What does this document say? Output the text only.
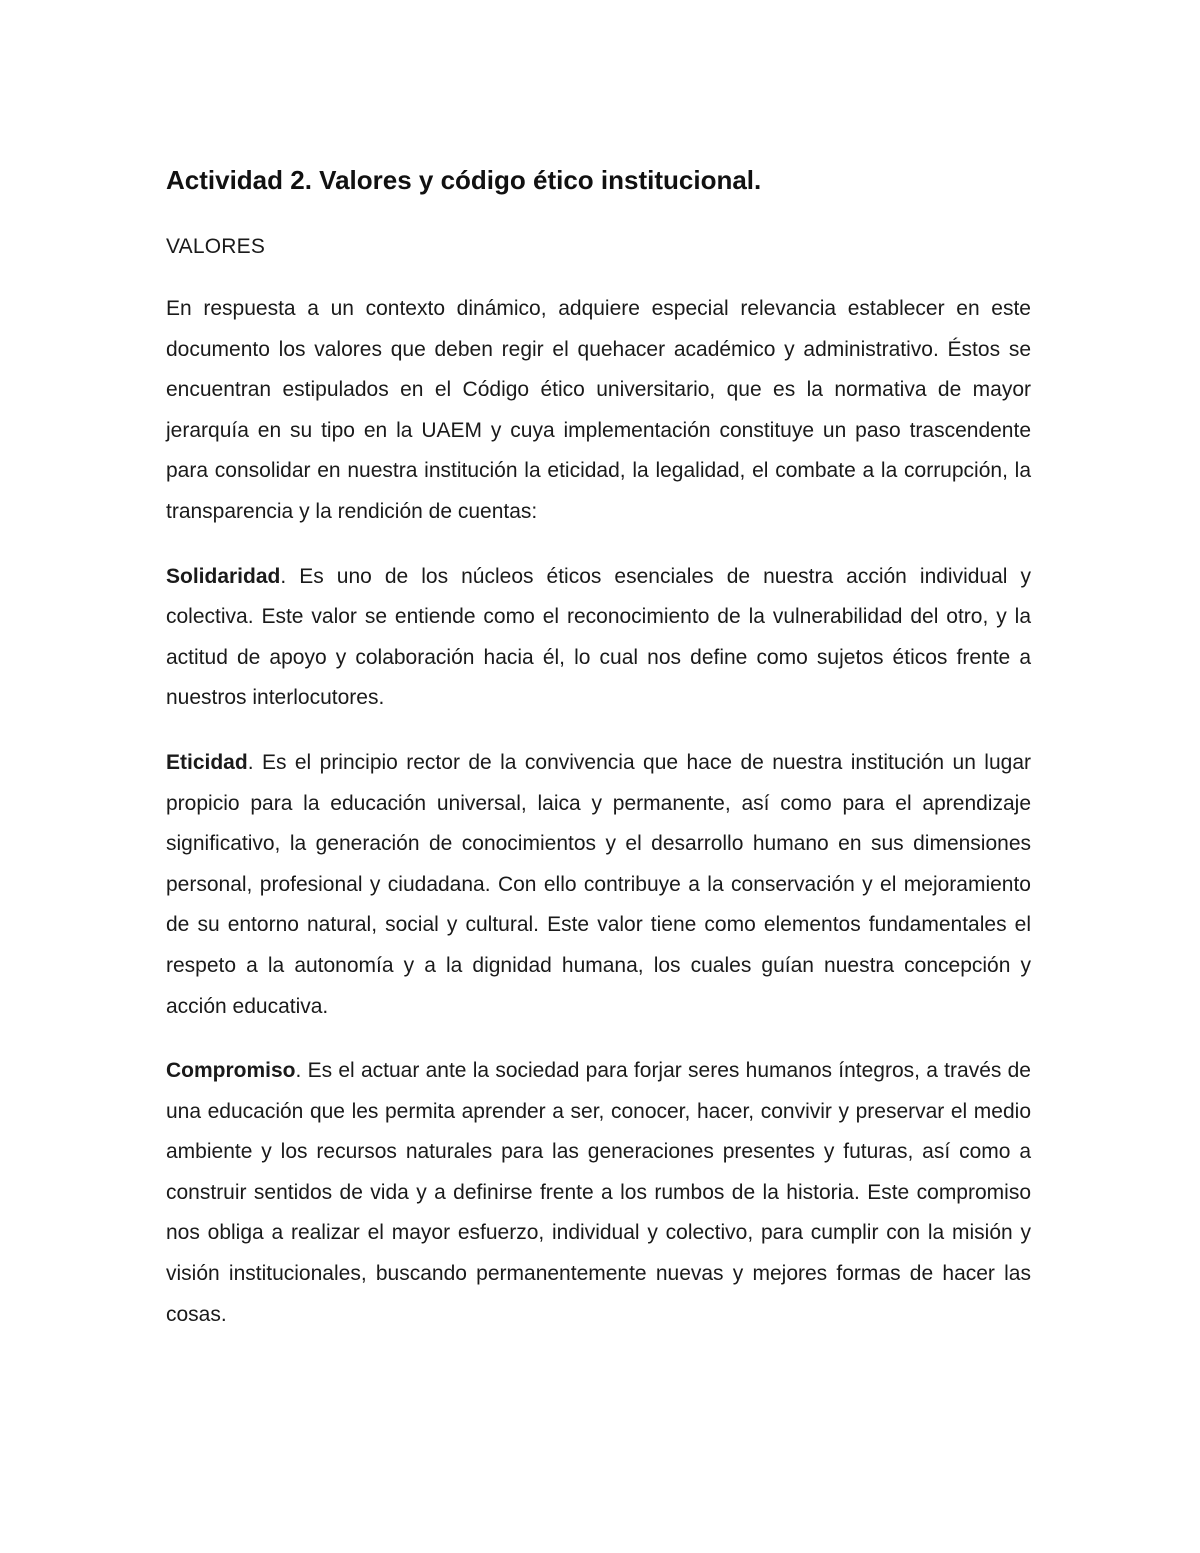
Actividad 2. Valores y código ético institucional.
VALORES

En respuesta a un contexto dinámico, adquiere especial relevancia establecer en este documento los valores que deben regir el quehacer académico y administrativo. Éstos se encuentran estipulados en el Código ético universitario, que es la normativa de mayor jerarquía en su tipo en la UAEM y cuya implementación constituye un paso trascendente para consolidar en nuestra institución la eticidad, la legalidad, el combate a la corrupción, la transparencia y la rendición de cuentas:

Solidaridad. Es uno de los núcleos éticos esenciales de nuestra acción individual y colectiva. Este valor se entiende como el reconocimiento de la vulnerabilidad del otro, y la actitud de apoyo y colaboración hacia él, lo cual nos define como sujetos éticos frente a nuestros interlocutores.

Eticidad. Es el principio rector de la convivencia que hace de nuestra institución un lugar propicio para la educación universal, laica y permanente, así como para el aprendizaje significativo, la generación de conocimientos y el desarrollo humano en sus dimensiones personal, profesional y ciudadana. Con ello contribuye a la conservación y el mejoramiento de su entorno natural, social y cultural. Este valor tiene como elementos fundamentales el respeto a la autonomía y a la dignidad humana, los cuales guían nuestra concepción y acción educativa.

Compromiso. Es el actuar ante la sociedad para forjar seres humanos íntegros, a través de una educación que les permita aprender a ser, conocer, hacer, convivir y preservar el medio ambiente y los recursos naturales para las generaciones presentes y futuras, así como a construir sentidos de vida y a definirse frente a los rumbos de la historia. Este compromiso nos obliga a realizar el mayor esfuerzo, individual y colectivo, para cumplir con la misión y visión institucionales, buscando permanentemente nuevas y mejores formas de hacer las cosas.
